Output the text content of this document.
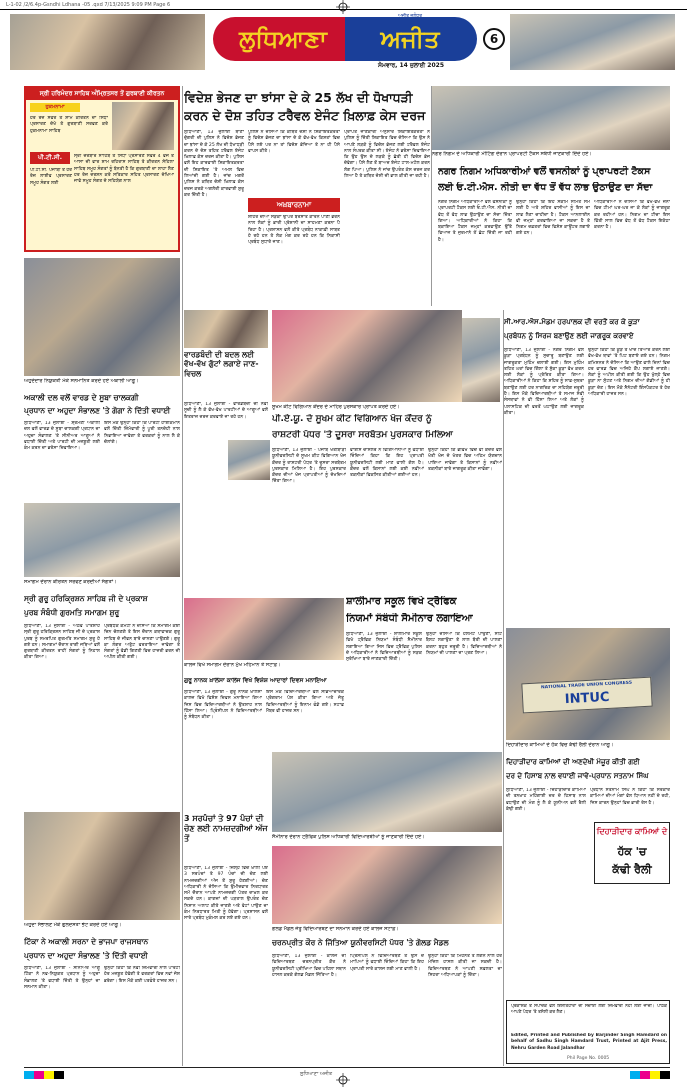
L-1-02 /2/6.4p-Gsndhi Ldhana -05 .qxd 7/13/2025 9:09 PM Page 6
ਲੁਧਿਆਣਾ	ਅਜੀਤ
ਅਜੀਤ ਜਲੰਧਰ
ਸੋਮਵਾਰ, 14 ਜੁਲਾਈ 2025
6
ਸ੍ਰੀ ਹਰਿਮੰਦਰ ਸਾਹਿਬ ਅੰਮ੍ਰਿਤਸਰ ਤੋਂ ਗੁਰਬਾਣੀ ਕੀਰਤਨ
ਹੁਕਮਨਾਮਾ
ਪੀ.ਟੀ.ਸੀ.
ਹਰ ਰੋਜ਼ ਸਵੇਰੇ ਤੇ ਸ਼ਾਮ ਕੀਰਤਨ ਦਾ ਸਿੱਧਾ ਪ੍ਰਸਾਰਣ ਦੇਖੋ ਤੇ ਗੁਰਬਾਣੀ ਸਰਵਣ ਕਰੋ ਹੁਕਮਨਾਮਾ ਸਾਹਿਬ
ਸ੍ਰੀ ਦਰਬਾਰ ਸਾਹਿਬ ਤੋਂ ਸਿੱਧਾ ਪ੍ਰਸਾਰਣ ਸਵੇਰੇ 4 ਵਜੇ ਤੋਂ ਆਸਾ ਦੀ ਵਾਰ ਸ਼ਾਮ ਰਹਿਰਾਸ ਸਾਹਿਬ ਤੇ ਕੀਰਤਨ ਸੋਹਿਲਾ ਸਾਹਿਬ ਸਮੂਹ ਸੰਗਤਾਂ ਨੂੰ ਬੇਨਤੀ ਹੈ ਕਿ ਗੁਰਬਾਣੀ ਦਾ ਲਾਹਾ ਲੈਣ ਹਰ ਰੋਜ਼ ਦਰਸ਼ਨ ਕਰੋ ਸਤਿਕਾਰ ਸਹਿਤ ਪ੍ਰਸਾਰਣ ਦੇਖਿਆ ਜਾਵੇ ਸਮੂਹ ਸੰਗਤ ਦੇ ਸਹਿਯੋਗ ਨਾਲ
ਪੀ.ਟੀ.ਸੀ. ਪੰਜਾਬੀ ਤੇ ਹਰ ਰੋਜ਼ ਲਾਈਵ ਪ੍ਰਸਾਰਣ ਸਮੂਹ ਸੰਗਤ ਲਈ
ਵਿਦੇਸ਼ ਭੇਜਣ ਦਾ ਝਾਂਸਾ ਦੇ ਕੇ 25 ਲੱਖ ਦੀ ਧੋਖਾਧੜੀ
ਕਰਨ ਦੇ ਦੋਸ਼ ਤਹਿਤ ਟਰੈਵਲ ਏਜੰਟ ਖ਼ਿਲਾਫ਼ ਕੇਸ ਦਰਜ
ਲੁਧਿਆਣਾ, 13 ਜੁਲਾਈ ਥਾਣਾ ਦੁੱਗਰੀ ਦੀ ਪੁਲਿਸ ਨੇ ਵਿਦੇਸ਼ ਭੇਜਣ ਦਾ ਝਾਂਸਾ ਦੇ ਕੇ 25 ਲੱਖ ਦੀ ਧੋਖਾਧੜੀ ਕਰਨ ਦੇ ਦੋਸ਼ ਤਹਿਤ ਟਰੈਵਲ ਏਜੰਟ ਖ਼ਿਲਾਫ਼ ਕੇਸ ਦਰਜ ਕੀਤਾ ਹੈ। ਪੁਲਿਸ ਵਲੋਂ ਇਹ ਕਾਰਵਾਈ ਸ਼ਿਕਾਇਤਕਰਤਾ ਦੀ ਸ਼ਿਕਾਇਤ 'ਤੇ ਅਮਲ ਵਿਚ ਲਿਆਂਦੀ ਗਈ ਹੈ। ਜਾਂਚ ਮਗਰੋਂ ਪੁਲਿਸ ਨੇ ਕਥਿਤ ਦੋਸ਼ੀ ਖ਼ਿਲਾਫ਼ ਕੇਸ ਦਰਜ ਕਰਕੇ ਅਗਲੇਰੀ ਕਾਰਵਾਈ ਸ਼ੁਰੂ ਕਰ ਦਿੱਤੀ ਹੈ।
ਪੁਲਿਸ ਨੇ ਦੱਸਿਆ ਕਿ ਕਥਿਤ ਦੋਸ਼ੀ ਨੇ ਸ਼ਿਕਾਇਤਕਰਤਾ ਨੂੰ ਵਿਦੇਸ਼ ਭੇਜਣ ਦਾ ਝਾਂਸਾ ਦੇ ਕੇ ਵੱਖ-ਵੱਖ ਕਿਸ਼ਤਾਂ ਵਿਚ ਪੈਸੇ ਲਏ ਪਰ ਨਾ ਤਾਂ ਵਿਦੇਸ਼ ਭੇਜਿਆ ਤੇ ਨਾ ਹੀ ਪੈਸੇ ਵਾਪਸ ਕੀਤੇ।
ਅਖ਼ਬਾਰਨਾਮਾ
ਸ਼ਹਿਰ ਦੀਆਂ ਸੜਕਾਂ ਉੱਪਰ ਬਰਸਾਤ ਕਾਰਨ ਪਾਣੀ ਭਰਨ ਨਾਲ ਲੋਕਾਂ ਨੂੰ ਭਾਰੀ ਪ੍ਰੇਸ਼ਾਨੀ ਦਾ ਸਾਹਮਣਾ ਕਰਨਾ ਪੈ ਰਿਹਾ ਹੈ। ਪ੍ਰਸ਼ਾਸਨ ਵਲੋਂ ਕੀਤੇ ਪ੍ਰਬੰਧ ਨਾਕਾਫ਼ੀ ਸਾਬਤ ਹੋ ਰਹੇ ਹਨ ਤੇ ਲੋਕ ਮੰਗ ਕਰ ਰਹੇ ਹਨ ਕਿ ਨਿਕਾਸੀ ਪ੍ਰਬੰਧ ਸੁਧਾਰੇ ਜਾਣ।
ਪ੍ਰਾਪਤ ਜਾਣਕਾਰੀ ਅਨੁਸਾਰ ਸ਼ਿਕਾਇਤਕਰਤਾ ਨੇ ਪੁਲਿਸ ਨੂੰ ਦਿੱਤੀ ਸ਼ਿਕਾਇਤ ਵਿਚ ਦੱਸਿਆ ਕਿ ਉਸ ਨੇ ਆਪਣੇ ਲੜਕੇ ਨੂੰ ਵਿਦੇਸ਼ ਭੇਜਣ ਲਈ ਟਰੈਵਲ ਏਜੰਟ ਨਾਲ ਸੰਪਰਕ ਕੀਤਾ ਸੀ। ਏਜੰਟ ਨੇ ਭਰੋਸਾ ਦਿਵਾਇਆ ਕਿ ਉਹ ਉਸ ਦੇ ਲੜਕੇ ਨੂੰ ਛੇਤੀ ਹੀ ਵਿਦੇਸ਼ ਭੇਜ ਦੇਵੇਗਾ। ਪੈਸੇ ਲੈਣ ਤੋਂ ਬਾਅਦ ਏਜੰਟ ਟਾਲ-ਮਟੋਲ ਕਰਨ ਲੱਗ ਪਿਆ। ਪੁਲਿਸ ਨੇ ਜਾਂਚ ਉਪਰੰਤ ਕੇਸ ਦਰਜ ਕਰ ਲਿਆ ਹੈ ਤੇ ਕਥਿਤ ਦੋਸ਼ੀ ਦੀ ਭਾਲ ਕੀਤੀ ਜਾ ਰਹੀ ਹੈ।
ਨਗਰ ਨਿਗਮ ਦੇ ਅਧਿਕਾਰੀ ਮੀਟਿੰਗ ਦੌਰਾਨ ਪ੍ਰਾਪਰਟੀ ਟੈਕਸ ਸਬੰਧੀ ਜਾਣਕਾਰੀ ਦਿੰਦੇ ਹੋਏ।
ਨਗਰ ਨਿਗਮ ਅਧਿਕਾਰੀਆਂ ਵਲੋਂ ਵਸਨੀਕਾਂ ਨੂੰ ਪ੍ਰਾਪਰਟੀ ਟੈਕਸ
ਲਈ ਓ.ਟੀ.ਐਸ. ਨੀਤੀ ਦਾ ਵੱਧ ਤੋਂ ਵੱਧ ਲਾਭ ਉਠਾਉਣ ਦਾ ਸੱਦਾ
ਨਗਰ ਨਿਗਮ ਅਧਿਕਾਰੀਆਂ ਵਲੋਂ ਵਸਨੀਕਾਂ ਨੂੰ ਪ੍ਰਾਪਰਟੀ ਟੈਕਸ ਲਈ ਓ.ਟੀ.ਐਸ. ਨੀਤੀ ਦਾ ਵੱਧ ਤੋਂ ਵੱਧ ਲਾਭ ਉਠਾਉਣ ਦਾ ਸੱਦਾ ਦਿੱਤਾ ਗਿਆ। ਅਧਿਕਾਰੀਆਂ ਨੇ ਕਿਹਾ ਕਿ ਬਕਾਇਆ ਟੈਕਸ ਜਮ੍ਹਾਂ ਕਰਵਾਉਣ ਉੱਤੇ ਵਿਆਜ ਤੇ ਜੁਰਮਾਨੇ ਤੋਂ ਛੋਟ ਦਿੱਤੀ ਜਾ ਰਹੀ ਹੈ।
ਉਨ੍ਹਾਂ ਕਿਹਾ ਕਿ ਇਹ ਸਕੀਮ ਸੀਮਤ ਸਮੇਂ ਲਈ ਹੈ ਅਤੇ ਸ਼ਹਿਰ ਵਾਸੀਆਂ ਨੂੰ ਇਸ ਦਾ ਲਾਭ ਲੈਣਾ ਚਾਹੀਦਾ ਹੈ। ਟੈਕਸ ਆਨਲਾਈਨ ਵੀ ਜਮ੍ਹਾਂ ਕਰਵਾਇਆ ਜਾ ਸਕਦਾ ਹੈ ਤੇ ਨਿਗਮ ਦਫ਼ਤਰਾਂ ਵਿਚ ਵਿਸ਼ੇਸ਼ ਕਾਊਂਟਰ ਲਗਾਏ ਗਏ ਹਨ।
ਅਧਿਕਾਰੀਆਂ ਨੇ ਦੱਸਿਆ ਕਿ ਵੱਖ-ਵੱਖ ਜ਼ੋਨਾਂ ਵਿਚ ਟੀਮਾਂ ਘਰ-ਘਰ ਜਾ ਕੇ ਲੋਕਾਂ ਨੂੰ ਜਾਗਰੂਕ ਕਰ ਰਹੀਆਂ ਹਨ। ਨਿਗਮ ਦਾ ਟੀਚਾ ਇਸ ਵਿੱਤੀ ਸਾਲ ਵਿਚ ਵੱਧ ਤੋਂ ਵੱਧ ਟੈਕਸ ਇਕੱਠਾ ਕਰਨਾ ਹੈ।
ਅਹੁਦੇਦਾਰ ਨਿਯੁਕਤੀ ਮੌਕੇ ਸਨਮਾਨਿਤ ਕਰਦੇ ਹੋਏ ਅਕਾਲੀ ਆਗੂ।
ਅਕਾਲੀ ਦਲ ਵਲੋਂ ਵਾਰਡ ਦੇ ਸੂਬਾ ਚਾਲਕਗੀ
ਪ੍ਰਧਾਨ ਦਾ ਅਹੁਦਾ ਸੰਭਾਲਣ 'ਤੇ ਗੋਗਾ ਨੇ ਦਿੱਤੀ ਵਧਾਈ
ਲੁਧਿਆਣਾ, 13 ਜੁਲਾਈ - ਸ਼੍ਰੋਮਣੀ ਅਕਾਲੀ ਦਲ ਵਲੋਂ ਵਾਰਡ ਦੇ ਸੂਬਾ ਚਾਲਕਗੀ ਪ੍ਰਧਾਨ ਦਾ ਅਹੁਦਾ ਸੰਭਾਲਣ 'ਤੇ ਸੀਨੀਅਰ ਆਗੂਆਂ ਨੇ ਵਧਾਈ ਦਿੱਤੀ ਅਤੇ ਪਾਰਟੀ ਦੀ ਮਜ਼ਬੂਤੀ ਲਈ ਕੰਮ ਕਰਨ ਦਾ ਭਰੋਸਾ ਦਿਵਾਇਆ।
ਇਸ ਮੌਕੇ ਉਨ੍ਹਾਂ ਕਿਹਾ ਕਿ ਪਾਰਟੀ ਹਾਈਕਮਾਨ ਵਲੋਂ ਦਿੱਤੀ ਜ਼ਿੰਮੇਵਾਰੀ ਨੂੰ ਪੂਰੀ ਤਨਦੇਹੀ ਨਾਲ ਨਿਭਾਇਆ ਜਾਵੇਗਾ ਤੇ ਵਰਕਰਾਂ ਨੂੰ ਨਾਲ ਲੈ ਕੇ ਚੱਲਾਂਗੇ।
ਵਾਰਡਬੰਦੀ ਦੀ ਬਦਲ ਲਈ ਵੱਖ-ਵੱਖ ਗੁੱਟਾਂ ਲਗਾਏ ਜਾਣ-ਵਿਚਲ
ਲੁਧਿਆਣਾ, 13 ਜੁਲਾਈ - ਵਾਰਡਬੰਦੀ ਦੀ ਨਵੀਂ ਸੂਚੀ ਨੂੰ ਲੈ ਕੇ ਵੱਖ-ਵੱਖ ਪਾਰਟੀਆਂ ਦੇ ਆਗੂਆਂ ਵਲੋਂ ਇਤਰਾਜ਼ ਦਰਜ ਕਰਵਾਏ ਜਾ ਰਹੇ ਹਨ।
ਸੂਖਮ ਕੀਟ ਵਿਗਿਆਨ ਕੇਂਦਰ ਦੇ ਮਾਹਿਰ ਪੁਰਸਕਾਰ ਪ੍ਰਾਪਤ ਕਰਦੇ ਹੋਏ।
ਪੀ.ਏ.ਯੂ. ਦੇ ਸੂਖਮ ਕੀਟ ਵਿਗਿਆਨ ਖੋਜ ਕੇਂਦਰ ਨੂੰ
ਰਾਸ਼ਟਰੀ ਪੱਧਰ 'ਤੇ ਦੂਸਰਾ ਸਰਬੋਤਮ ਪੁਰਸਕਾਰ ਮਿਲਿਆ
ਲੁਧਿਆਣਾ, 13 ਜੁਲਾਈ - ਪੰਜਾਬ ਖੇਤੀਬਾੜੀ ਯੂਨੀਵਰਸਿਟੀ ਦੇ ਸੂਖਮ ਕੀਟ ਵਿਗਿਆਨ ਖੋਜ ਕੇਂਦਰ ਨੂੰ ਰਾਸ਼ਟਰੀ ਪੱਧਰ 'ਤੇ ਦੂਸਰਾ ਸਰਬੋਤਮ ਪੁਰਸਕਾਰ ਮਿਲਿਆ ਹੈ। ਇਹ ਪੁਰਸਕਾਰ ਕੇਂਦਰ ਦੀਆਂ ਖੋਜ ਪ੍ਰਾਪਤੀਆਂ ਨੂੰ ਦੇਖਦਿਆਂ ਦਿੱਤਾ ਗਿਆ।
ਵਾਈਸ ਚਾਂਸਲਰ ਨੇ ਵਿਗਿਆਨੀਆਂ ਨੂੰ ਵਧਾਈ ਦਿੰਦਿਆਂ ਕਿਹਾ ਕਿ ਇਹ ਪ੍ਰਾਪਤੀ ਯੂਨੀਵਰਸਿਟੀ ਲਈ ਮਾਣ ਵਾਲੀ ਗੱਲ ਹੈ। ਕੇਂਦਰ ਵਲੋਂ ਕਿਸਾਨਾਂ ਲਈ ਕਈ ਨਵੀਆਂ ਤਕਨੀਕਾਂ ਵਿਕਸਿਤ ਕੀਤੀਆਂ ਗਈਆਂ ਹਨ।
ਉਨ੍ਹਾਂ ਕਿਹਾ ਕਿ ਭਵਿੱਖ ਵਿਚ ਵੀ ਕੇਂਦਰ ਵਲੋਂ ਖੇਤੀ ਖੋਜ ਦੇ ਖੇਤਰ ਵਿਚ ਅਹਿਮ ਯੋਗਦਾਨ ਪਾਇਆ ਜਾਵੇਗਾ ਤੇ ਕਿਸਾਨਾਂ ਨੂੰ ਨਵੀਆਂ ਤਕਨੀਕਾਂ ਬਾਰੇ ਜਾਗਰੂਕ ਕੀਤਾ ਜਾਵੇਗਾ।
ਸੀ.ਆਰ.ਐਸ.ਮੈਡਮ ਹਰਪਾਲਕ ਦੀ ਵਰਤੋਂ ਕਰ ਕੇ ਕੂੜਾ
ਪ੍ਰਬੰਧਨ ਨੂੰ ਸਿਰਜ ਬਣਾਉਣ ਲਈ ਜਾਗਰੂਕ ਕਰਵਾਏ
ਲੁਧਿਆਣਾ, 13 ਜੁਲਾਈ - ਨਗਰ ਨਿਗਮ ਵਲੋਂ ਕੂੜਾ ਪ੍ਰਬੰਧਨ ਨੂੰ ਸੁਚਾਰੂ ਬਣਾਉਣ ਲਈ ਜਾਗਰੂਕਤਾ ਮੁਹਿੰਮ ਚਲਾਈ ਗਈ। ਇਸ ਮੁਹਿੰਮ ਤਹਿਤ ਘਰਾਂ ਵਿਚ ਗਿੱਲਾ ਤੇ ਸੁੱਕਾ ਕੂੜਾ ਵੱਖ ਕਰਨ ਲਈ ਲੋਕਾਂ ਨੂੰ ਪ੍ਰੇਰਿਤ ਕੀਤਾ ਗਿਆ। ਅਧਿਕਾਰੀਆਂ ਨੇ ਕਿਹਾ ਕਿ ਸ਼ਹਿਰ ਨੂੰ ਸਾਫ਼-ਸੁਥਰਾ ਬਣਾਉਣ ਲਈ ਹਰ ਨਾਗਰਿਕ ਦਾ ਸਹਿਯੋਗ ਜ਼ਰੂਰੀ ਹੈ। ਇਸ ਮੌਕੇ ਵਿਦਿਆਰਥੀਆਂ ਤੇ ਸਮਾਜ ਸੇਵੀ ਸੰਸਥਾਵਾਂ ਨੇ ਵੀ ਹਿੱਸਾ ਲਿਆ ਅਤੇ ਲੋਕਾਂ ਨੂੰ ਪਲਾਸਟਿਕ ਦੀ ਵਰਤੋਂ ਘਟਾਉਣ ਲਈ ਜਾਗਰੂਕ ਕੀਤਾ।
ਉਨ੍ਹਾਂ ਕਿਹਾ ਕਿ ਕੂੜੇ ਤੋਂ ਖਾਦ ਤਿਆਰ ਕਰਨ ਲਈ ਵੱਖ-ਵੱਖ ਥਾਵਾਂ 'ਤੇ ਪਿਟ ਬਣਾਏ ਗਏ ਹਨ। ਨਿਗਮ ਕਮਿਸ਼ਨਰ ਨੇ ਦੱਸਿਆ ਕਿ ਆਉਣ ਵਾਲੇ ਦਿਨਾਂ ਵਿਚ ਹਰ ਵਾਰਡ ਵਿਚ ਅਜਿਹੇ ਕੈਂਪ ਲਗਾਏ ਜਾਣਗੇ। ਲੋਕਾਂ ਨੂੰ ਅਪੀਲ ਕੀਤੀ ਗਈ ਕਿ ਉਹ ਖੁੱਲ੍ਹੇ ਵਿਚ ਕੂੜਾ ਨਾ ਸੁੱਟਣ ਅਤੇ ਨਿਗਮ ਦੀਆਂ ਗੱਡੀਆਂ ਨੂੰ ਹੀ ਕੂੜਾ ਦੇਣ। ਇਸ ਮੌਕੇ ਸੈਨੇਟਰੀ ਇੰਸਪੈਕਟਰ ਤੇ ਹੋਰ ਅਧਿਕਾਰੀ ਹਾਜ਼ਰ ਸਨ।
ਸਮਾਗਮ ਦੌਰਾਨ ਕੀਰਤਨ ਸਰਵਣ ਕਰਦੀਆਂ ਸੰਗਤਾਂ।
ਸ੍ਰੀ ਗੁਰੂ ਹਰਿਕ੍ਰਿਸ਼ਨ ਸਾਹਿਬ ਜੀ ਦੇ ਪ੍ਰਕਾਸ਼
ਪੁਰਬ ਸੰਬੰਧੀ ਗੁਰਮਤਿ ਸਮਾਗਮ ਸ਼ੁਰੂ
ਲੁਧਿਆਣਾ, 13 ਜੁਲਾਈ - ਅੱਠਵੇਂ ਪਾਤਸ਼ਾਹ ਸ੍ਰੀ ਗੁਰੂ ਹਰਿਕ੍ਰਿਸ਼ਨ ਸਾਹਿਬ ਜੀ ਦੇ ਪ੍ਰਕਾਸ਼ ਪੁਰਬ ਨੂੰ ਸਮਰਪਿਤ ਗੁਰਮਤਿ ਸਮਾਗਮ ਸ਼ੁਰੂ ਹੋ ਗਏ ਹਨ। ਸਮਾਗਮਾਂ ਦੌਰਾਨ ਰਾਗੀ ਜਥਿਆਂ ਵਲੋਂ ਗੁਰਬਾਣੀ ਕੀਰਤਨ ਰਾਹੀਂ ਸੰਗਤਾਂ ਨੂੰ ਨਿਹਾਲ ਕੀਤਾ ਗਿਆ।
ਪ੍ਰਬੰਧਕ ਕਮੇਟੀ ਨੇ ਦੱਸਿਆ ਕਿ ਸਮਾਗਮ ਕਈ ਦਿਨ ਚੱਲਣਗੇ ਤੇ ਇਸ ਦੌਰਾਨ ਕਥਾਵਾਚਕ ਗੁਰੂ ਸਾਹਿਬ ਦੇ ਜੀਵਨ ਬਾਰੇ ਚਾਨਣਾ ਪਾਉਣਗੇ। ਗੁਰੂ ਕਾ ਲੰਗਰ ਅਤੁੱਟ ਵਰਤਾਇਆ ਜਾਵੇਗਾ ਤੇ ਸੰਗਤਾਂ ਨੂੰ ਵੱਡੀ ਗਿਣਤੀ ਵਿਚ ਹਾਜ਼ਰੀ ਭਰਨ ਦੀ ਅਪੀਲ ਕੀਤੀ ਗਈ।
ਕਾਲਜ ਵਿਖੇ ਸਮਾਗਮ ਦੌਰਾਨ ਮੁੱਖ ਮਹਿਮਾਨ ਤੇ ਸਟਾਫ਼।
ਗੁਰੂ ਨਾਨਕ ਖ਼ਾਲਸਾ ਕਾਲਜ ਵਿਖੇ ਵਿਸ਼ੇਸ਼ ਆਦਾਰਾਂ ਦਿਵਸ ਮਨਾਇਆ
ਲੁਧਿਆਣਾ, 13 ਜੁਲਾਈ - ਗੁਰੂ ਨਾਨਕ ਖ਼ਾਲਸਾ ਕਾਲਜ ਵਿਖੇ ਵਿਸ਼ੇਸ਼ ਦਿਵਸ ਮਨਾਇਆ ਗਿਆ ਜਿਸ ਵਿਚ ਵਿਦਿਆਰਥੀਆਂ ਨੇ ਉਤਸ਼ਾਹ ਨਾਲ ਹਿੱਸਾ ਲਿਆ। ਪ੍ਰਿੰਸੀਪਲ ਨੇ ਵਿਦਿਆਰਥੀਆਂ ਨੂੰ ਸੰਬੋਧਨ ਕੀਤਾ।
ਇਸ ਮੌਕੇ ਵਿਦਿਆਰਥੀਆਂ ਵਲੋਂ ਸੱਭਿਆਚਾਰਕ ਪ੍ਰੋਗਰਾਮ ਪੇਸ਼ ਕੀਤਾ ਗਿਆ ਅਤੇ ਜੇਤੂ ਵਿਦਿਆਰਥੀਆਂ ਨੂੰ ਇਨਾਮ ਵੰਡੇ ਗਏ। ਸਟਾਫ਼ ਮੈਂਬਰ ਵੀ ਹਾਜ਼ਰ ਸਨ।
ਸ਼ਾਲੀਮਾਰ ਸਕੂਲ ਵਿਖੇ ਟ੍ਰੈਫਿਕ
ਨਿਯਮਾਂ ਸੰਬੰਧੀ ਸੈਮੀਨਾਰ ਲਗਾਇਆ
ਲੁਧਿਆਣਾ, 13 ਜੁਲਾਈ - ਸ਼ਾਲੀਮਾਰ ਸਕੂਲ ਵਿਖੇ ਟ੍ਰੈਫਿਕ ਨਿਯਮਾਂ ਸੰਬੰਧੀ ਸੈਮੀਨਾਰ ਲਗਾਇਆ ਗਿਆ ਜਿਸ ਵਿਚ ਟ੍ਰੈਫਿਕ ਪੁਲਿਸ ਦੇ ਅਧਿਕਾਰੀਆਂ ਨੇ ਵਿਦਿਆਰਥੀਆਂ ਨੂੰ ਸੜਕ ਸੁਰੱਖਿਆ ਬਾਰੇ ਜਾਣਕਾਰੀ ਦਿੱਤੀ।
ਉਨ੍ਹਾਂ ਦੱਸਿਆ ਕਿ ਹੈਲਮੈਟ ਪਾਉਣਾ, ਸੀਟ ਬੈਲਟ ਲਗਾਉਣਾ ਤੇ ਲਾਲ ਬੱਤੀ ਦੀ ਪਾਲਣਾ ਕਰਨਾ ਬਹੁਤ ਜ਼ਰੂਰੀ ਹੈ। ਵਿਦਿਆਰਥੀਆਂ ਨੇ ਨਿਯਮਾਂ ਦੀ ਪਾਲਣਾ ਦਾ ਪ੍ਰਣ ਲਿਆ।
NATIONAL TRADE UNION CONGRESS
INTUC
ਦਿਹਾੜੀਦਾਰ ਕਾਮਿਆਂ ਦੇ ਹੱਕ ਵਿਚ ਕੱਢੀ ਰੈਲੀ ਦੌਰਾਨ ਆਗੂ।
ਦਿਹਾੜੀਦਾਰ ਕਾਮਿਆਂ ਦੀ ਅਣਦੇਖੀ ਮੰਜ਼ੂਰ ਕੀਤੀ ਗਈ
ਦਰ ਦੇ ਹਿਸਾਬ ਨਾਲ ਵਧਾਈ ਜਾਵੇ-ਪ੍ਰਧਾਨ ਸਤਨਾਮ ਸਿੰਘ
ਲੁਧਿਆਣਾ, 13 ਜੁਲਾਈ - ਦਿਹਾੜੀਦਾਰ ਕਾਮਿਆਂ ਦੀ ਤਨਖ਼ਾਹ ਮਹਿੰਗਾਈ ਦਰ ਦੇ ਹਿਸਾਬ ਨਾਲ ਵਧਾਉਣ ਦੀ ਮੰਗ ਨੂੰ ਲੈ ਕੇ ਯੂਨੀਅਨ ਵਲੋਂ ਰੈਲੀ ਕੱਢੀ ਗਈ।
ਪ੍ਰਧਾਨ ਸਤਨਾਮ ਸਿੰਘ ਨੇ ਕਿਹਾ ਕਿ ਸਰਕਾਰ ਕਾਮਿਆਂ ਦੀਆਂ ਮੰਗਾਂ ਵੱਲ ਧਿਆਨ ਨਹੀਂ ਦੇ ਰਹੀ, ਜਿਸ ਕਾਰਨ ਉਨ੍ਹਾਂ ਵਿਚ ਭਾਰੀ ਰੋਸ ਹੈ।
ਦਿਹਾੜੀਦਾਰ ਕਾਮਿਆਂ ਦੇ
ਹੱਕ 'ਚ
ਕੱਢੀ ਰੈਲੀ
ਅਹੁਦਾ ਸੰਭਾਲਣ ਮੌਕੇ ਗੁਲਦਸਤਾ ਭੇਟ ਕਰਦੇ ਹੋਏ ਆਗੂ।
ਟਿੱਕਾ ਨੇ ਅਕਾਲੀ ਸਰਨਾ ਦੇ ਭਾਜਪਾ ਰਾਜਸਥਾਨ
ਪ੍ਰਧਾਨ ਦਾ ਅਹੁਦਾ ਸੰਭਾਲਣ 'ਤੇ ਦਿੱਤੀ ਵਧਾਈ
ਲੁਧਿਆਣਾ, 13 ਜੁਲਾਈ - ਸੀਨੀਅਰ ਆਗੂ ਟਿੱਕਾ ਨੇ ਨਵ-ਨਿਯੁਕਤ ਪ੍ਰਧਾਨ ਨੂੰ ਅਹੁਦਾ ਸੰਭਾਲਣ 'ਤੇ ਵਧਾਈ ਦਿੱਤੀ ਤੇ ਉਨ੍ਹਾਂ ਦਾ ਸਨਮਾਨ ਕੀਤਾ।
ਉਨ੍ਹਾਂ ਕਿਹਾ ਕਿ ਨਵੀਂ ਜ਼ਿੰਮੇਵਾਰੀ ਨਾਲ ਪਾਰਟੀ ਹੋਰ ਮਜ਼ਬੂਤ ਹੋਵੇਗੀ ਤੇ ਵਰਕਰਾਂ ਵਿਚ ਨਵਾਂ ਜੋਸ਼ ਭਰੇਗਾ। ਇਸ ਮੌਕੇ ਕਈ ਪਤਵੰਤੇ ਹਾਜ਼ਰ ਸਨ।
3 ਸਰਪੰਚਾਂ ਤੇ 97 ਪੰਚਾਂ ਦੀ ਚੋਣ ਲਈ ਨਾਮਜ਼ਦਗੀਆਂ ਅੱਜ ਤੋਂ
ਲੁਧਿਆਣਾ, 13 ਜੁਲਾਈ - ਜ਼ਿਲ੍ਹੇ ਵਿਚ ਖ਼ਾਲੀ ਪਏ 3 ਸਰਪੰਚਾਂ ਤੇ 97 ਪੰਚਾਂ ਦੀ ਚੋਣ ਲਈ ਨਾਮਜ਼ਦਗੀਆਂ ਅੱਜ ਤੋਂ ਸ਼ੁਰੂ ਹੋਣਗੀਆਂ। ਚੋਣ ਅਧਿਕਾਰੀ ਨੇ ਦੱਸਿਆ ਕਿ ਉਮੀਦਵਾਰ ਨਿਰਧਾਰਤ ਸਮੇਂ ਦੌਰਾਨ ਆਪਣੇ ਨਾਮਜ਼ਦਗੀ ਪੱਤਰ ਦਾਖ਼ਲ ਕਰ ਸਕਦੇ ਹਨ। ਕਾਗਜ਼ਾਂ ਦੀ ਪੜਤਾਲ ਉਪਰੰਤ ਚੋਣ ਨਿਸ਼ਾਨ ਅਲਾਟ ਕੀਤੇ ਜਾਣਗੇ ਅਤੇ ਵੋਟਾਂ ਪਾਉਣ ਦਾ ਕੰਮ ਨਿਰਧਾਰਤ ਮਿਤੀ ਨੂੰ ਹੋਵੇਗਾ। ਪ੍ਰਸ਼ਾਸਨ ਵਲੋਂ ਸਾਰੇ ਪ੍ਰਬੰਧ ਮੁਕੰਮਲ ਕਰ ਲਏ ਗਏ ਹਨ।
ਸੈਮੀਨਾਰ ਦੌਰਾਨ ਟ੍ਰੈਫਿਕ ਪੁਲਿਸ ਅਧਿਕਾਰੀ ਵਿਦਿਆਰਥੀਆਂ ਨੂੰ ਜਾਣਕਾਰੀ ਦਿੰਦੇ ਹੋਏ।
ਗੋਲਡ ਮੈਡਲ ਜੇਤੂ ਵਿਦਿਆਰਥਣ ਦਾ ਸਨਮਾਨ ਕਰਦੇ ਹੋਏ ਕਾਲਜ ਸਟਾਫ਼।
ਚਰਨਪ੍ਰੀਤ ਕੌਰ ਨੇ ਜਿੱਤਿਆ ਯੂਨੀਵਰਸਿਟੀ ਪੱਧਰ 'ਤੇ ਗੋਲਡ ਮੈਡਲ
ਲੁਧਿਆਣਾ, 13 ਜੁਲਾਈ - ਕਾਲਜ ਦੀ ਵਿਦਿਆਰਥਣ ਚਰਨਪ੍ਰੀਤ ਕੌਰ ਨੇ ਯੂਨੀਵਰਸਿਟੀ ਪ੍ਰੀਖਿਆ ਵਿਚ ਪਹਿਲਾ ਸਥਾਨ ਹਾਸਲ ਕਰਕੇ ਗੋਲਡ ਮੈਡਲ ਜਿੱਤਿਆ ਹੈ।
ਪ੍ਰਿੰਸੀਪਲ ਨੇ ਵਿਦਿਆਰਥਣ ਤੇ ਉਸ ਦੇ ਮਾਪਿਆਂ ਨੂੰ ਵਧਾਈ ਦਿੰਦਿਆਂ ਕਿਹਾ ਕਿ ਇਹ ਪ੍ਰਾਪਤੀ ਸਾਰੇ ਕਾਲਜ ਲਈ ਮਾਣ ਵਾਲੀ ਹੈ।
ਉਨ੍ਹਾਂ ਕਿਹਾ ਕਿ ਮਿਹਨਤ ਤੇ ਲਗਨ ਨਾਲ ਹਰ ਮੰਜ਼ਿਲ ਹਾਸਲ ਕੀਤੀ ਜਾ ਸਕਦੀ ਹੈ। ਵਿਦਿਆਰਥਣ ਨੇ ਆਪਣੀ ਸਫ਼ਲਤਾ ਦਾ ਸਿਹਰਾ ਅਧਿਆਪਕਾਂ ਨੂੰ ਦਿੱਤਾ।
ਪ੍ਰਕਾਸ਼ਕ ਤੇ ਸੰਪਾਦਕ ਵਲੋਂ ਇਸ਼ਤਿਹਾਰਾਂ ਦੀ ਸੱਚਾਈ ਲਈ ਜ਼ਿੰਮੇਵਾਰੀ ਨਹੀਂ ਲਈ ਜਾਂਦੀ। ਪਾਠਕ ਆਪਣੇ ਪੱਧਰ 'ਤੇ ਤਸੱਲੀ ਕਰ ਲੈਣ।
Edited, Printed and Published by Barjinder Singh Hamdard on behalf of Sadhu Singh Hamdard Trust, Printed at Ajit Press, Nehru Garden Road Jalandhar
Phil Page No. 0005
ਲੁਧਿਆਣਾ ਅਜੀਤ
